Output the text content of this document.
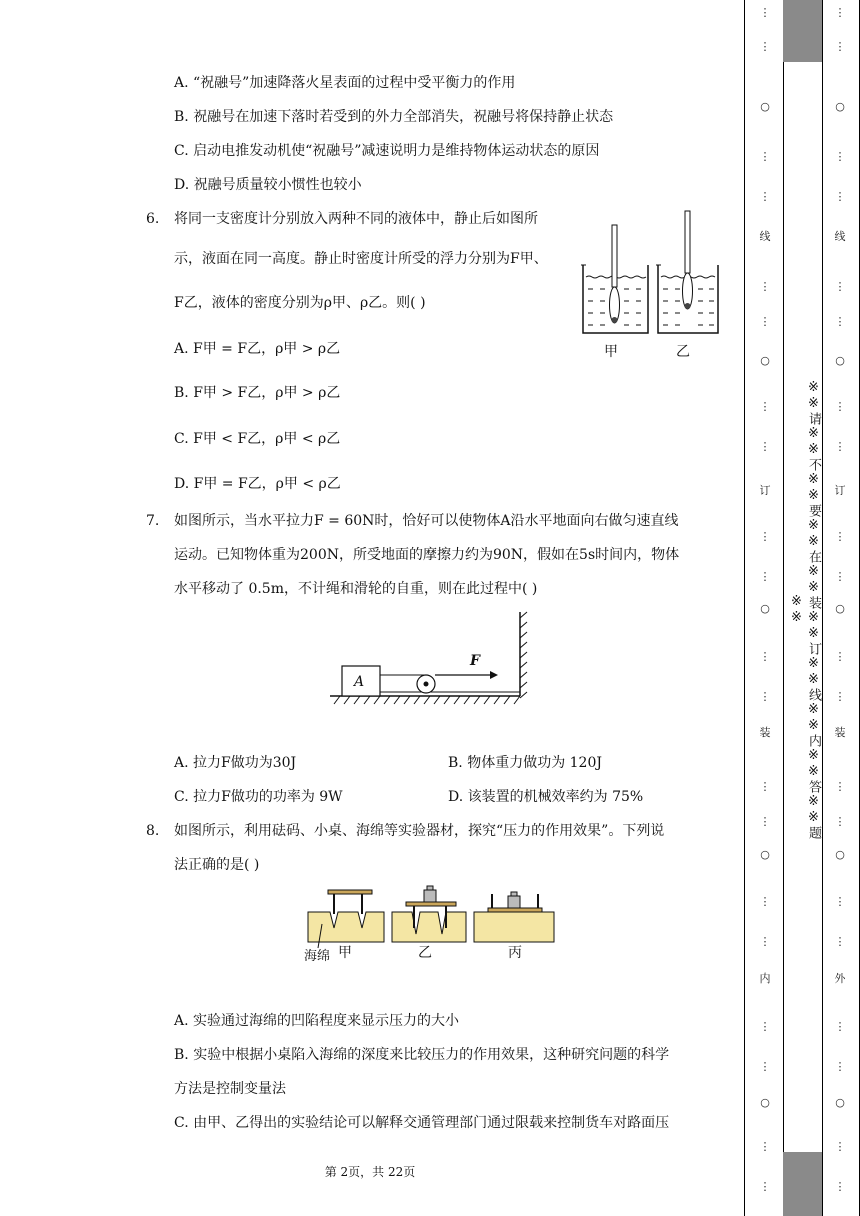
A. “祝融号”加速降落火星表面的过程中受平衡力的作用
B. 祝融号在加速下落时若受到的外力全部消失，祝融号将保持静止状态
C. 启动电推发动机使“祝融号”减速说明力是维持物体运动状态的原因
D. 祝融号质量较小惯性也较小
6. 将同一支密度计分别放入两种不同的液体中，静止后如图所
示，液面在同一高度。静止时密度计所受的浮力分别为F甲、
F乙，液体的密度分别为ρ甲、ρ乙。则( )
A. F甲 = F乙，ρ甲 > ρ乙
B. F甲 > F乙，ρ甲 > ρ乙
C. F甲 < F乙，ρ甲 < ρ乙
D. F甲 = F乙，ρ甲 < ρ乙
甲	乙
7. 如图所示，当水平拉力F = 60N时，恰好可以使物体A沿水平地面向右做匀速直线
运动。已知物体重为200N，所受地面的摩擦力约为90N，假如在5s时间内，物体
水平移动了 0.5m，不计绳和滑轮的自重，则在此过程中( )
A
F
A. 拉力F做功为30J	B. 物体重力做功为 120J
C. 拉力F做功的功率为 9W	D. 该装置的机械效率约为 75%
8. 如图所示，利用砝码、小桌、海绵等实验器材，探究“压力的作用效果”。下列说
法正确的是( )
海绵 甲	乙	丙
A. 实验通过海绵的凹陷程度来显示压力的大小
B. 实验中根据小桌陷入海绵的深度来比较压力的作用效果，这种研究问题的科学
方法是控制变量法
C. 由甲、乙得出的实验结论可以解释交通管理部门通过限载来控制货车对路面压
第 2页，共 22页
※※请※※不※※要※※在※※装※※订※※线※※内※※答※※题※※
⋮
⋮
○
⋮
⋮
线
⋮
⋮
○
⋮
⋮
订
⋮
⋮
○
⋮
⋮
装
⋮
⋮
○
⋮
⋮
内
⋮
⋮
○
⋮
⋮
⋮
⋮
○
⋮
⋮
线
⋮
⋮
○
⋮
⋮
订
⋮
⋮
○
⋮
⋮
装
⋮
⋮
○
⋮
⋮
外
⋮
⋮
○
⋮
⋮
